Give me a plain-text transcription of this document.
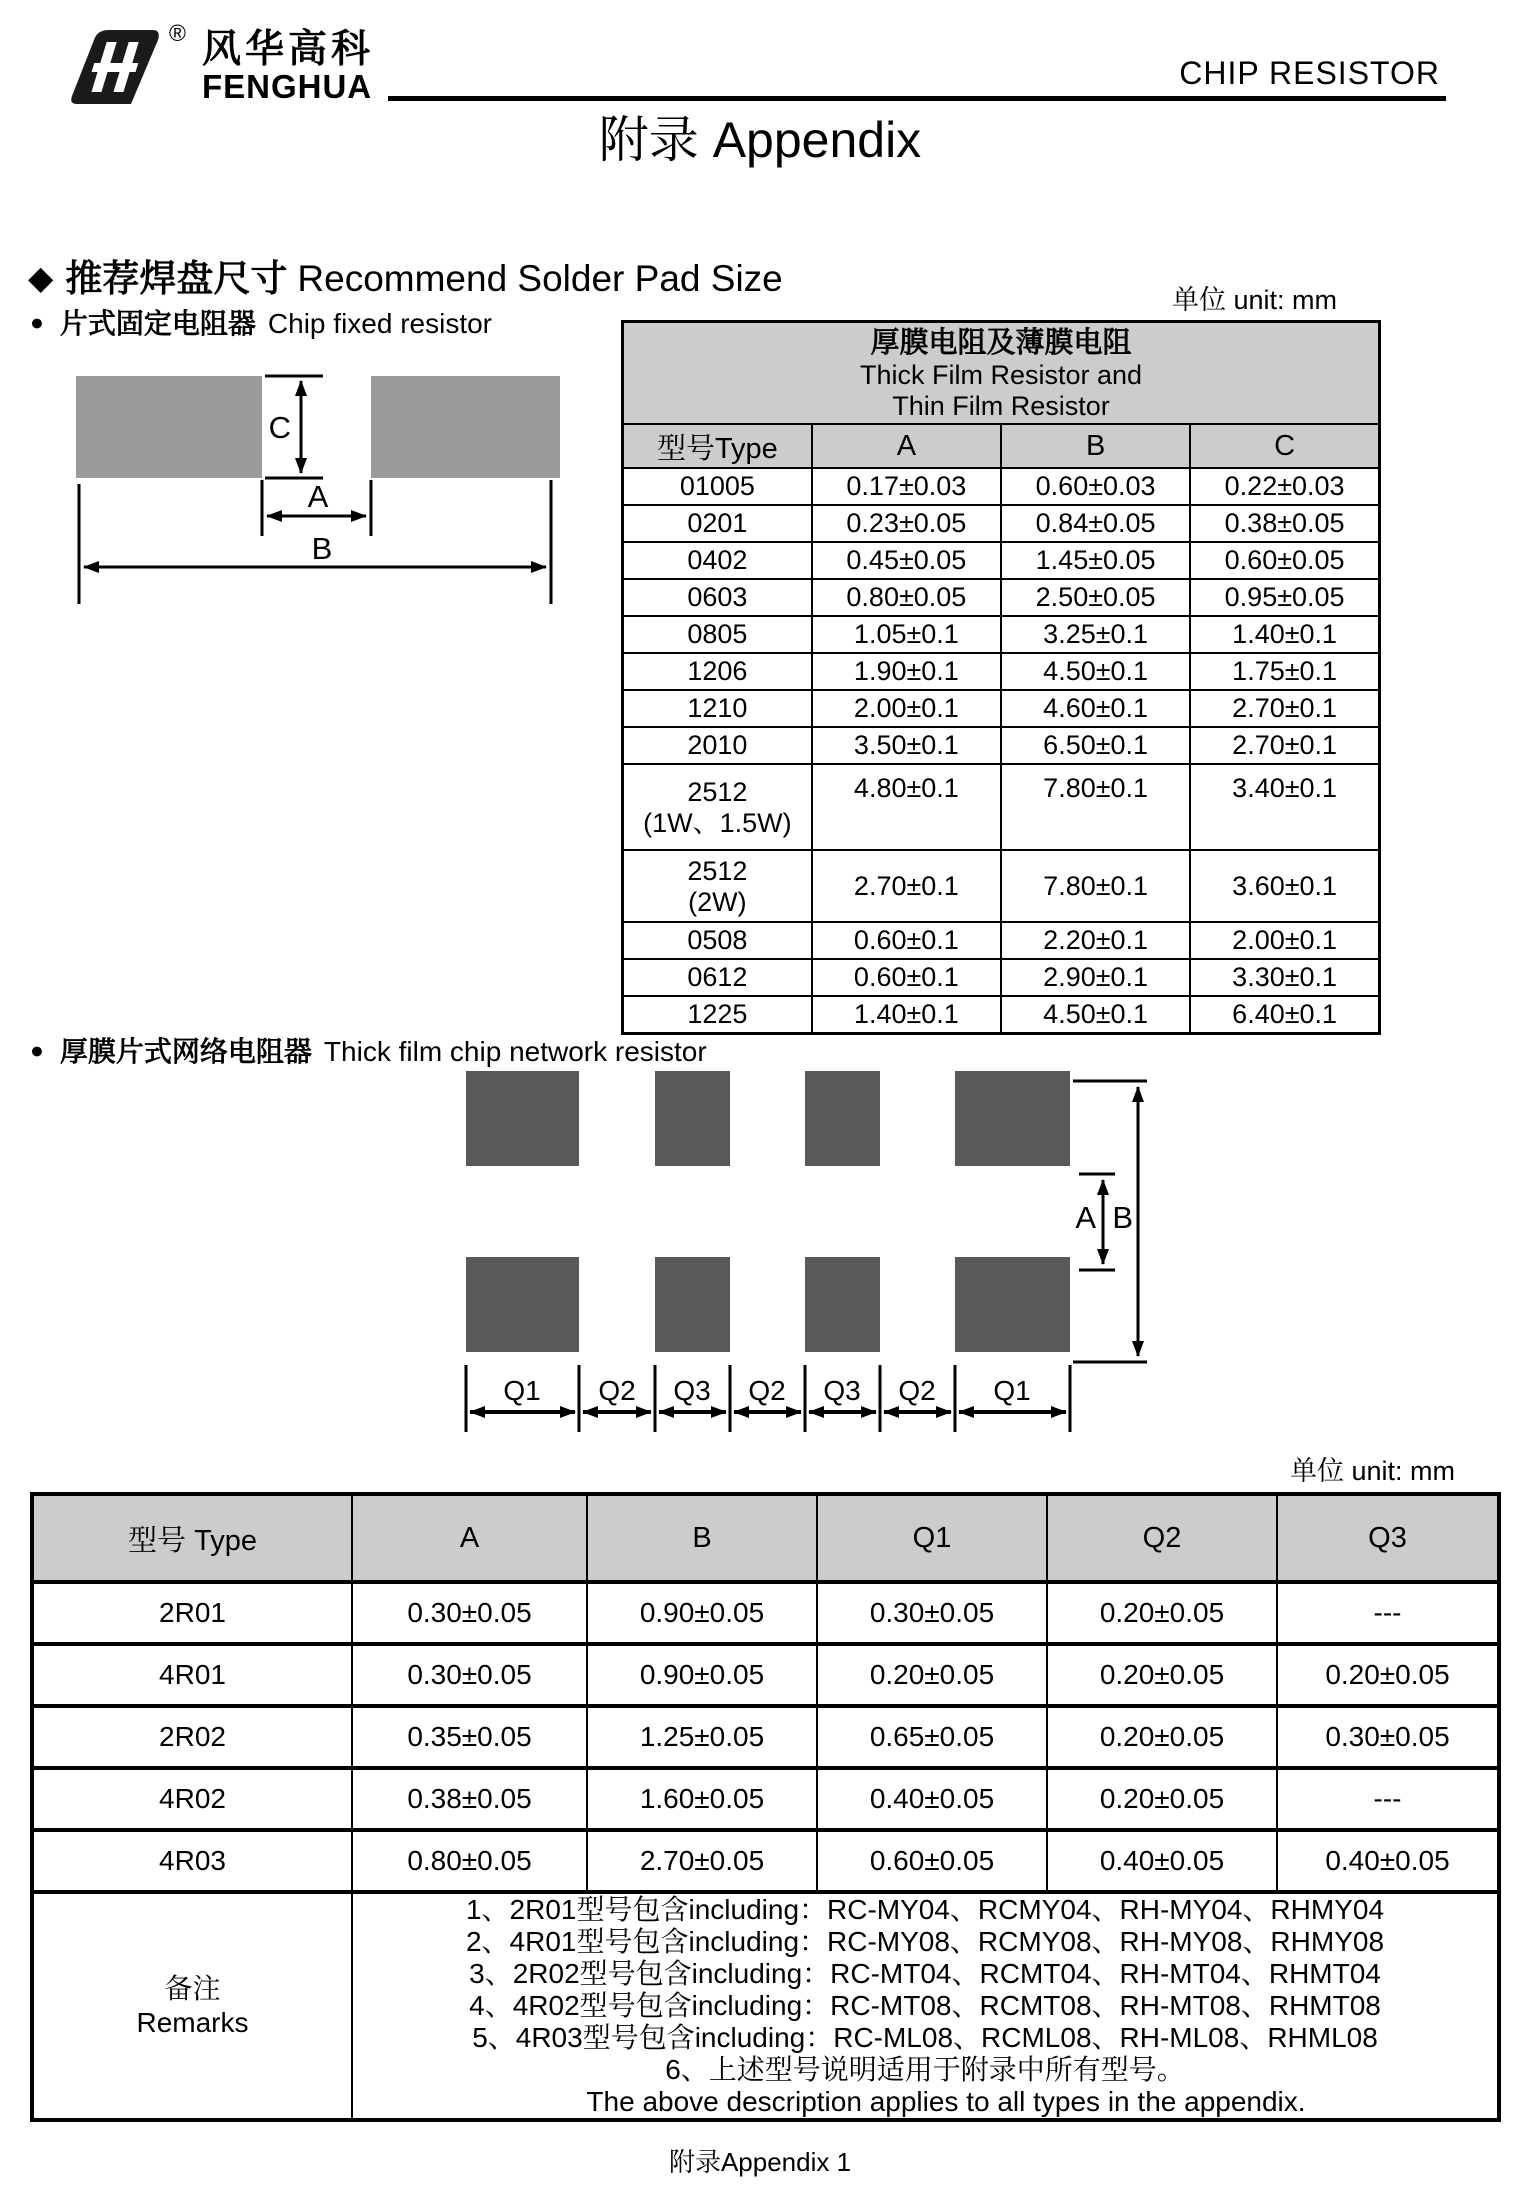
® 风华高科
FENGHUA	CHIP RESISTOR
附录 Appendix
◆ 推荐焊盘尺寸 Recommend Solder Pad Size
单位 unit: mm
● 片式固定电阻器 Chip fixed resistor
C
A
B
厚膜电阻及薄膜电阻
Thick Film Resistor and
Thin Film Resistor			

型号Type	A	B	C
01005	0.17±0.03	0.60±0.03	0.22±0.03
0201	0.23±0.05	0.84±0.05	0.38±0.05
0402	0.45±0.05	1.45±0.05	0.60±0.05
0603	0.80±0.05	2.50±0.05	0.95±0.05
0805	1.05±0.1	3.25±0.1	1.40±0.1
1206	1.90±0.1	4.50±0.1	1.75±0.1
1210	2.00±0.1	4.60±0.1	2.70±0.1
2010	3.50±0.1	6.50±0.1	2.70±0.1
2512
(1W、1.5W)	4.80±0.1	7.80±0.1	3.40±0.1
2512
(2W)	2.70±0.1	7.80±0.1	3.60±0.1
0508	0.60±0.1	2.20±0.1	2.00±0.1
0612	0.60±0.1	2.90±0.1	3.30±0.1
1225	1.40±0.1	4.50±0.1	6.40±0.1
● 厚膜片式网络电阻器 Thick film chip network resistor
A B
Q1 Q2 Q3 Q2 Q3 Q2 Q1
单位 unit: mm
型号 Type	A	B	Q1	Q2	Q3
2R01	0.30±0.05	0.90±0.05	0.30±0.05	0.20±0.05	---
4R01	0.30±0.05	0.90±0.05	0.20±0.05	0.20±0.05	0.20±0.05
2R02	0.35±0.05	1.25±0.05	0.65±0.05	0.20±0.05	0.30±0.05
4R02	0.38±0.05	1.60±0.05	0.40±0.05	0.20±0.05	---
4R03	0.80±0.05	2.70±0.05	0.60±0.05	0.40±0.05	0.40±0.05

备注
Remarks

1、2R01型号包含including：RC-MY04、RCMY04、RH-MY04、RHMY04
2、4R01型号包含including：RC-MY08、RCMY08、RH-MY08、RHMY08
3、2R02型号包含including：RC-MT04、RCMT04、RH-MT04、RHMT04
4、4R02型号包含including：RC-MT08、RCMT08、RH-MT08、RHMT08
5、4R03型号包含including：RC-ML08、RCML08、RH-ML08、RHML08
6、上述型号说明适用于附录中所有型号。
The above description applies to all types in the appendix.
附录Appendix 1
